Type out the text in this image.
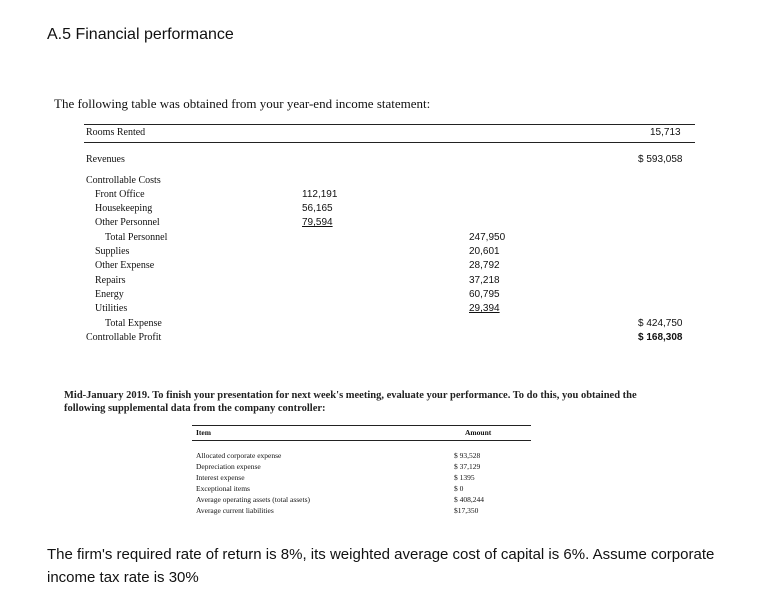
A.5 Financial performance
The following table was obtained from your year-end income statement:
Rooms Rented	15,713
Revenues	$ 593,058
Controllable Costs
Front Office	112,191
Housekeeping	56,165
Other Personnel	79,594
Total Personnel	247,950
Supplies	20,601
Other Expense	28,792
Repairs	37,218
Energy	60,795
Utilities	29,394
Total Expense	$ 424,750
Controllable Profit	$ 168,308
Mid-January 2019. To finish your presentation for next week's meeting, evaluate your performance. To do this, you obtained the following supplemental data from the company controller:
Item	Amount
Allocated corporate expense	$ 93,528
Depreciation expense	$ 37,129
Interest expense	$ 1395
Exceptional items	$ 0
Average operating assets (total assets)	$ 408,244
Average current liabilities	$17,350
The firm's required rate of return is 8%, its weighted average cost of capital is 6%. Assume corporate income tax rate is 30%
